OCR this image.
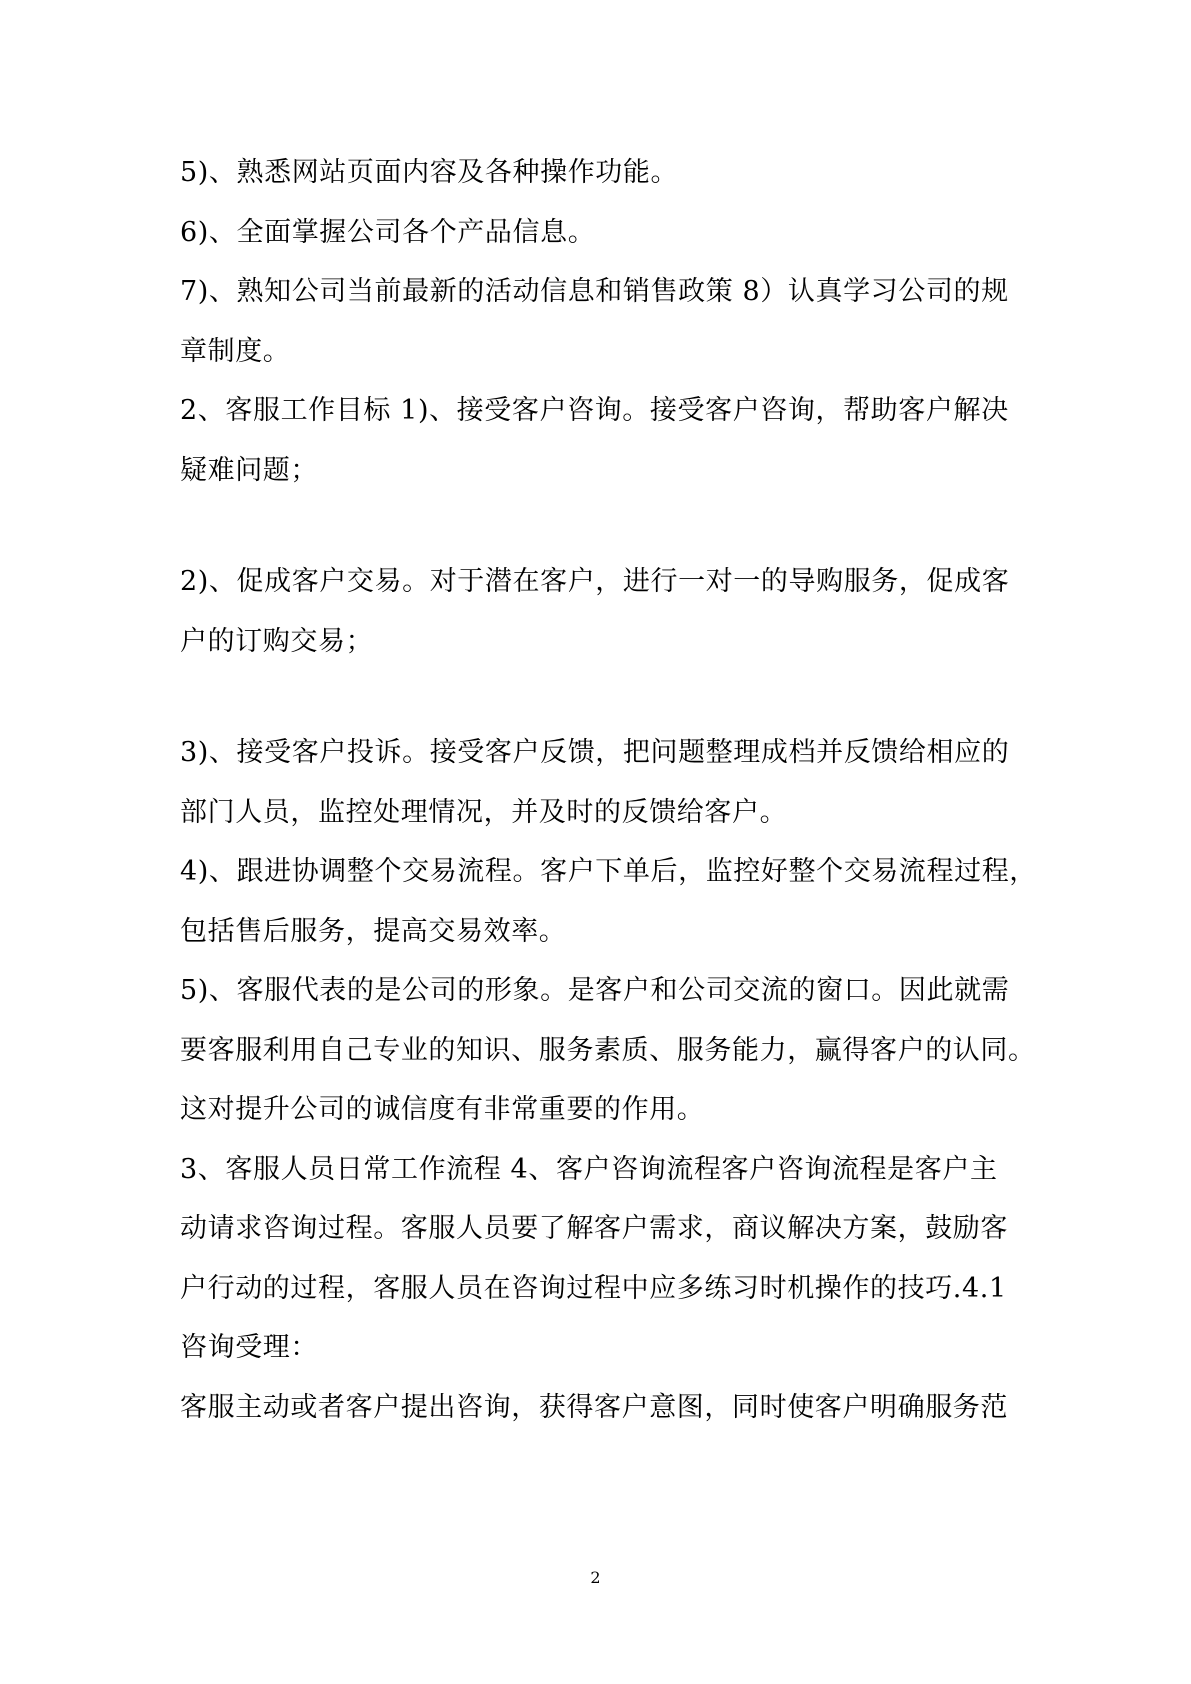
5)、熟悉网站页面内容及各种操作功能。
6)、全面掌握公司各个产品信息。
7)、熟知公司当前最新的活动信息和销售政策 8）认真学习公司的规
章制度。
2、客服工作目标 1)、接受客户咨询。接受客户咨询，帮助客户解决
疑难问题；
2)、促成客户交易。对于潜在客户，进行一对一的导购服务，促成客
户的订购交易；
3)、接受客户投诉。接受客户反馈，把问题整理成档并反馈给相应的
部门人员，监控处理情况，并及时的反馈给客户。
4)、跟进协调整个交易流程。客户下单后，监控好整个交易流程过程，
包括售后服务，提高交易效率。
5)、客服代表的是公司的形象。是客户和公司交流的窗口。因此就需
要客服利用自己专业的知识、服务素质、服务能力，赢得客户的认同。
这对提升公司的诚信度有非常重要的作用。
3、客服人员日常工作流程 4、客户咨询流程客户咨询流程是客户主
动请求咨询过程。客服人员要了解客户需求，商议解决方案，鼓励客
户行动的过程，客服人员在咨询过程中应多练习时机操作的技巧.4.1
咨询受理：
客服主动或者客户提出咨询，获得客户意图，同时使客户明确服务范
2
